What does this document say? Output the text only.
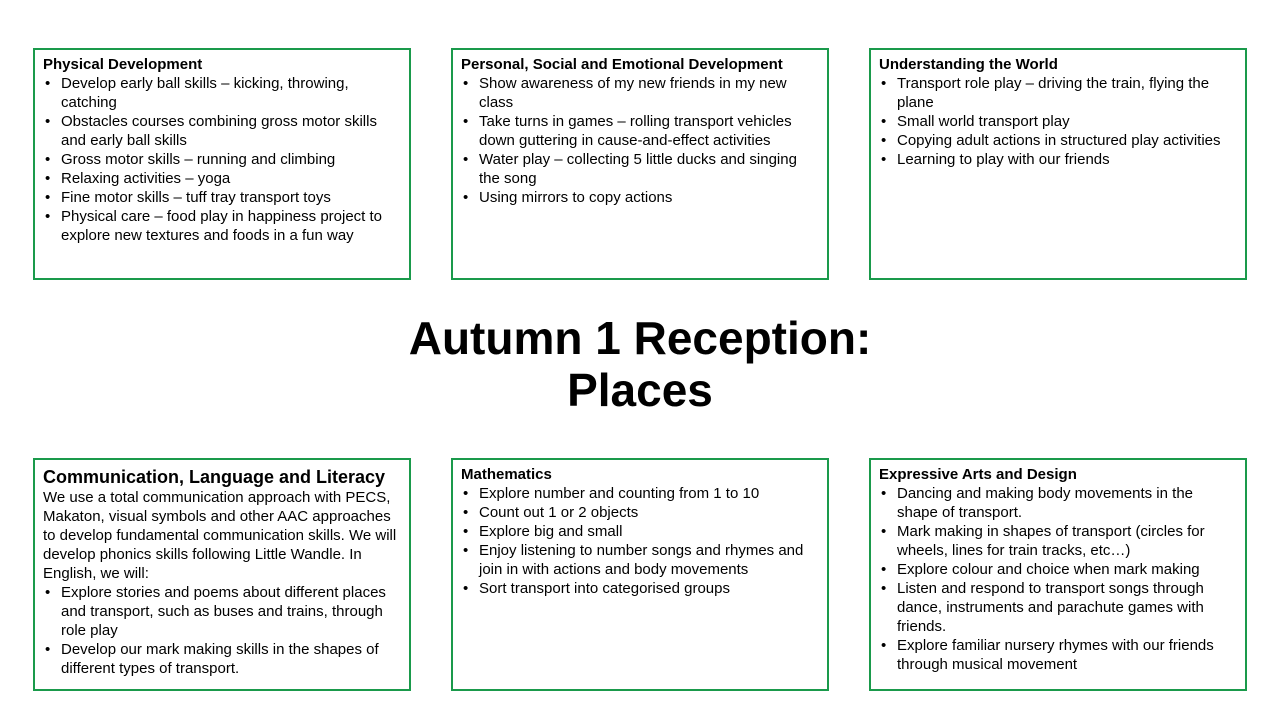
Physical Development
• Develop early ball skills – kicking, throwing, catching
• Obstacles courses combining gross motor skills and early ball skills
• Gross motor skills – running and climbing
• Relaxing activities – yoga
• Fine motor skills – tuff tray transport toys
• Physical care – food play in happiness project to explore new textures and foods in a fun way
Personal, Social and Emotional Development
• Show awareness of my new friends in my new class
• Take turns in games – rolling transport vehicles down guttering in cause-and-effect activities
• Water play – collecting 5 little ducks and singing the song
• Using mirrors to copy actions
Understanding the World
• Transport role play – driving the train, flying the plane
• Small world transport play
• Copying adult actions in structured play activities
• Learning to play with our friends
Autumn 1 Reception:
Places
Communication, Language and Literacy

We use a total communication approach with PECS, Makaton, visual symbols and other AAC approaches to develop fundamental communication skills. We will develop phonics skills following Little Wandle. In English, we will:

• Explore stories and poems about different places and transport, such as buses and trains, through role play
• Develop our mark making skills in the shapes of different types of transport.
Mathematics
• Explore number and counting from 1 to 10
• Count out 1 or 2 objects
• Explore big and small
• Enjoy listening to number songs and rhymes and join in with actions and body movements
• Sort transport into categorised groups
Expressive Arts and Design
• Dancing and making body movements in the shape of transport.
• Mark making in shapes of transport (circles for wheels, lines for train tracks, etc…)
• Explore colour and choice when mark making
• Listen and respond to transport songs through dance, instruments and parachute games with friends.
• Explore familiar nursery rhymes with our friends through musical movement
